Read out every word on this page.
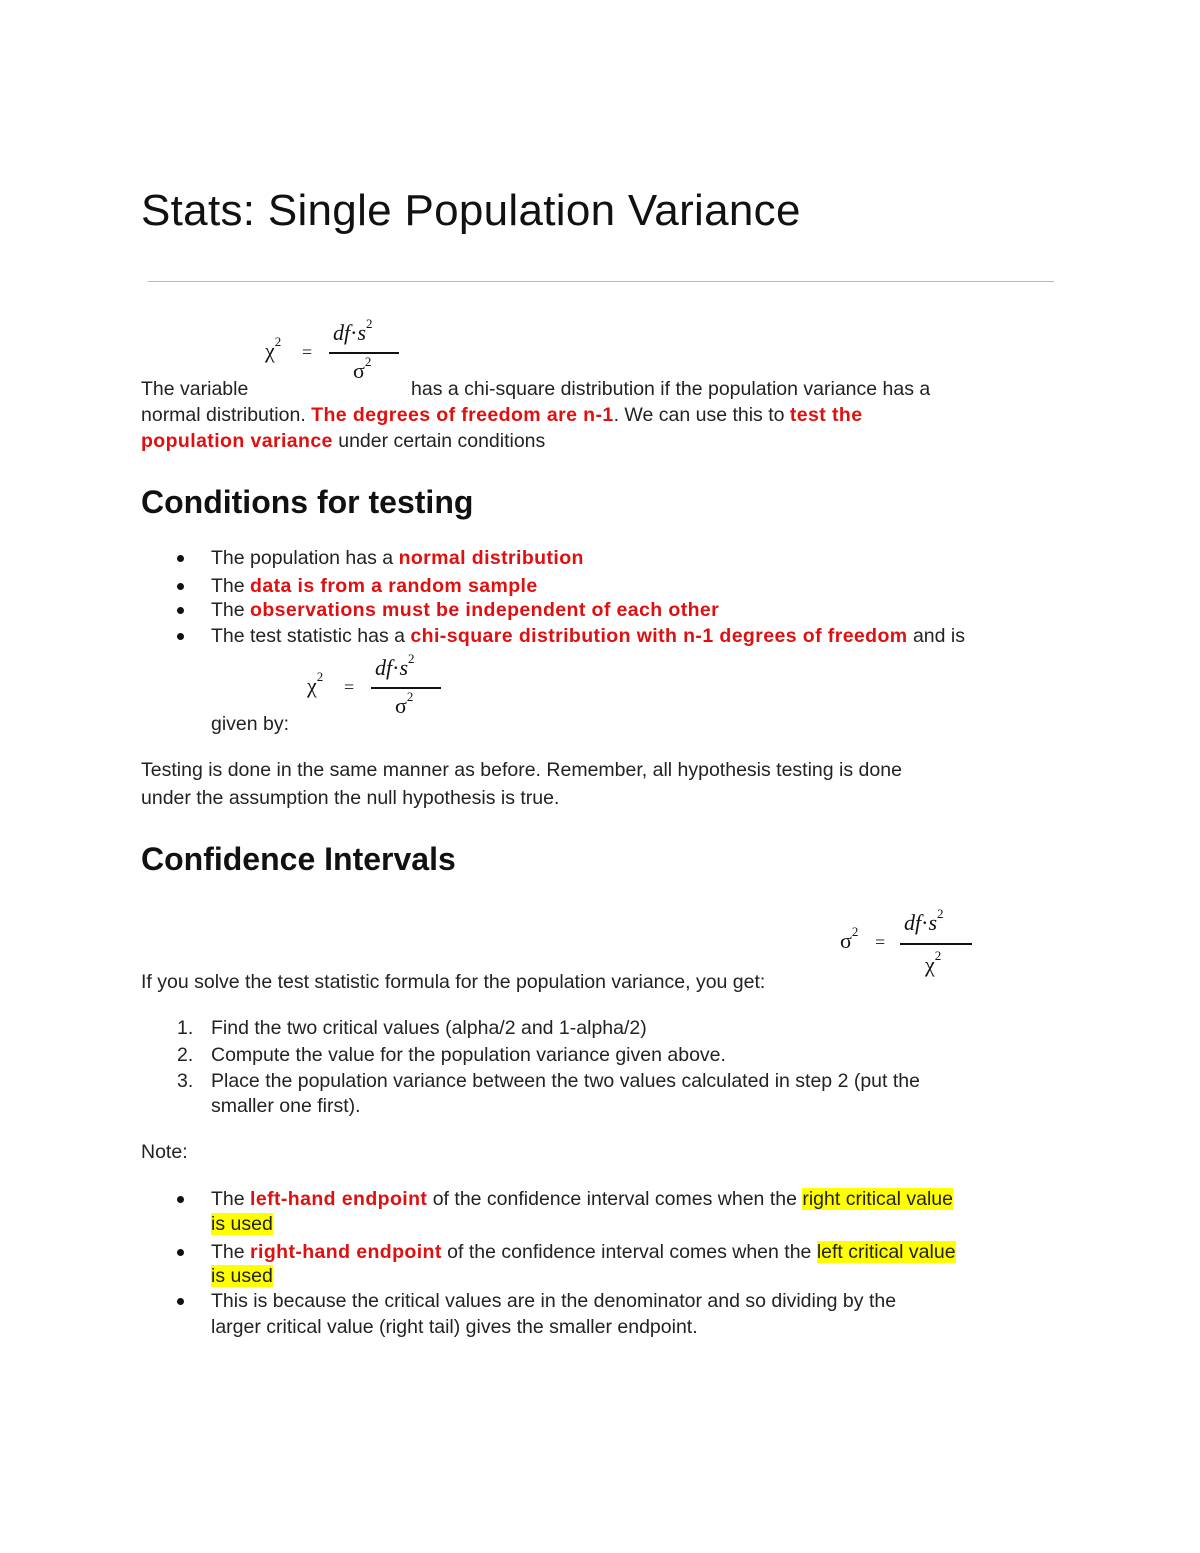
Stats: Single Population Variance
$\chi^2$
=
$df\cdot s^2$
$\sigma^2$
The variable	has a chi-square distribution if the population variance has a
normal distribution. The degrees of freedom are n-1. We can use this to test the
population variance under certain conditions
Conditions for testing
The population has a normal distribution
The data is from a random sample
The observations must be independent of each other
The test statistic has a chi-square distribution with n-1 degrees of freedom and is
$\chi^2$
=
$df\cdot s^2$
$\sigma^2$
given by:
Testing is done in the same manner as before. Remember, all hypothesis testing is done
under the assumption the null hypothesis is true.
Confidence Intervals
$\sigma^2$
=
$df\cdot s^2$
$\chi^2$
If you solve the test statistic formula for the population variance, you get:
1. Find the two critical values (alpha/2 and 1-alpha/2)
2. Compute the value for the population variance given above.
3. Place the population variance between the two values calculated in step 2 (put the
smaller one first).
Note:
The left-hand endpoint of the confidence interval comes when the right critical value
is used
The right-hand endpoint of the confidence interval comes when the left critical value
is used
This is because the critical values are in the denominator and so dividing by the
larger critical value (right tail) gives the smaller endpoint.
